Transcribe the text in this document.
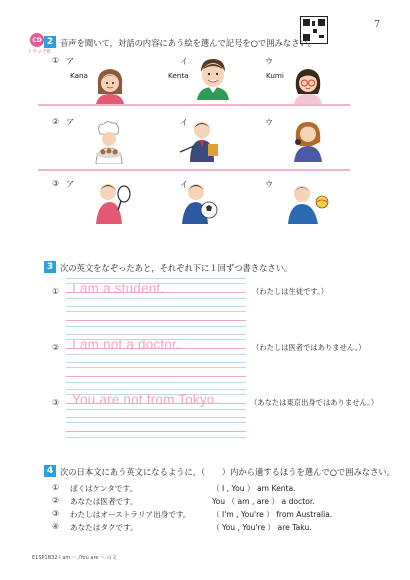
7
CD
トラック8
2 音声を聞いて，対話の内容にあう絵を選んで記号を○で囲みなさい。
① ア	イ	ウ
Kana	Kenta	Kumi
② ア	イ	ウ
③ ア	イ	ウ
3 次の英文をなぞったあと，それぞれ下に１回ずつ書きなさい。
① I am a student.	（わたしは生徒です。）
② I am not a doctor.	（わたしは医者ではありません。）
③ You are not from Tokyo.	（あなたは東京出身ではありません。）
4 次の日本文にあう英文になるように，（　　）内から適するほうを選んで○で囲みなさい。
① ぼくはケンタです。	（ I , You ） am Kenta.
② あなたは医者です。	You （ am , are ） a doctor.
③ わたしはオーストラリア出身です。	（ I'm , You're ） from Australia.
④ あなたはタクです。	（ You , You're ） are Taku.
E1SP1B32-I am ～./You are ～.の文
